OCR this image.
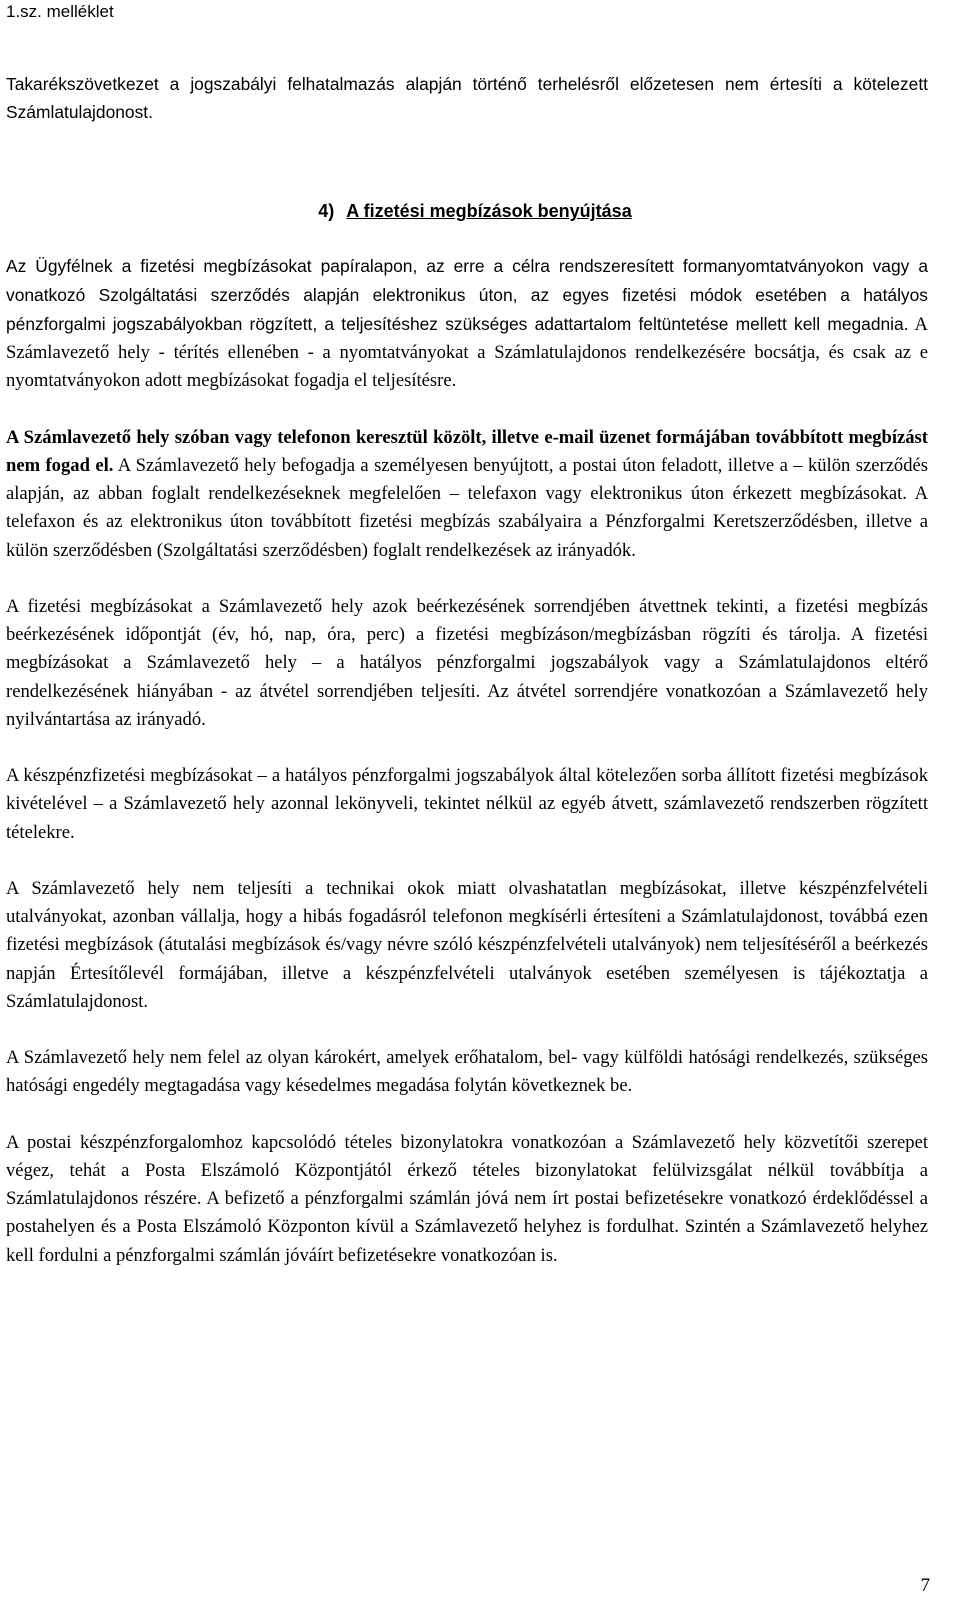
1.sz. melléklet

Takarékszövetkezet a jogszabályi felhatalmazás alapján történő terhelésről előzetesen nem értesíti a kötelezett Számlatulajdonost.

4) A fizetési megbízások benyújtása

Az Ügyfélnek a fizetési megbízásokat papíralapon, az erre a célra rendszeresített formanyomtatványokon vagy a vonatkozó Szolgáltatási szerződés alapján elektronikus úton, az egyes fizetési módok esetében a hatályos pénzforgalmi jogszabályokban rögzített, a teljesítéshez szükséges adattartalom feltüntetése mellett kell megadnia. A Számlavezető hely - térítés ellenében - a nyomtatványokat a Számlatulajdonos rendelkezésére bocsátja, és csak az e nyomtatványokon adott megbízásokat fogadja el teljesítésre.

A Számlavezető hely szóban vagy telefonon keresztül közölt, illetve e-mail üzenet formájában továbbított megbízást nem fogad el. A Számlavezető hely befogadja a személyesen benyújtott, a postai úton feladott, illetve a – külön szerződés alapján, az abban foglalt rendelkezéseknek megfelelően – telefaxon vagy elektronikus úton érkezett megbízásokat. A telefaxon és az elektronikus úton továbbított fizetési megbízás szabályaira a Pénzforgalmi Keretszerződésben, illetve a külön szerződésben (Szolgáltatási szerződésben) foglalt rendelkezések az irányadók.

A fizetési megbízásokat a Számlavezető hely azok beérkezésének sorrendjében átvettnek tekinti, a fizetési megbízás beérkezésének időpontját (év, hó, nap, óra, perc) a fizetési megbízáson/megbízásban rögzíti és tárolja. A fizetési megbízásokat a Számlavezető hely – a hatályos pénzforgalmi jogszabályok vagy a Számlatulajdonos eltérő rendelkezésének hiányában - az átvétel sorrendjében teljesíti. Az átvétel sorrendjére vonatkozóan a Számlavezető hely nyilvántartása az irányadó.

A készpénzfizetési megbízásokat – a hatályos pénzforgalmi jogszabályok által kötelezően sorba állított fizetési megbízások kivételével – a Számlavezető hely azonnal lekönyveli, tekintet nélkül az egyéb átvett, számlavezető rendszerben rögzített tételekre.

A Számlavezető hely nem teljesíti a technikai okok miatt olvashatatlan megbízásokat, illetve készpénzfelvételi utalványokat, azonban vállalja, hogy a hibás fogadásról telefonon megkísérli értesíteni a Számlatulajdonost, továbbá ezen fizetési megbízások (átutalási megbízások és/vagy névre szóló készpénzfelvételi utalványok) nem teljesítéséről a beérkezés napján Értesítőlevél formájában, illetve a készpénzfelvételi utalványok esetében személyesen is tájékoztatja a Számlatulajdonost.

A Számlavezető hely nem felel az olyan károkért, amelyek erőhatalom, bel- vagy külföldi hatósági rendelkezés, szükséges hatósági engedély megtagadása vagy késedelmes megadása folytán következnek be.

A postai készpénzforgalomhoz kapcsolódó tételes bizonylatokra vonatkozóan a Számlavezető hely közvetítői szerepet végez, tehát a Posta Elszámoló Központjától érkező tételes bizonylatokat felülvizsgálat nélkül továbbítja a Számlatulajdonos részére. A befizető a pénzforgalmi számlán jóvá nem írt postai befizetésekre vonatkozó érdeklődéssel a postahelyen és a Posta Elszámoló Központon kívül a Számlavezető helyhez is fordulhat. Szintén a Számlavezető helyhez kell fordulni a pénzforgalmi számlán jóváírt befizetésekre vonatkozóan is.

7
